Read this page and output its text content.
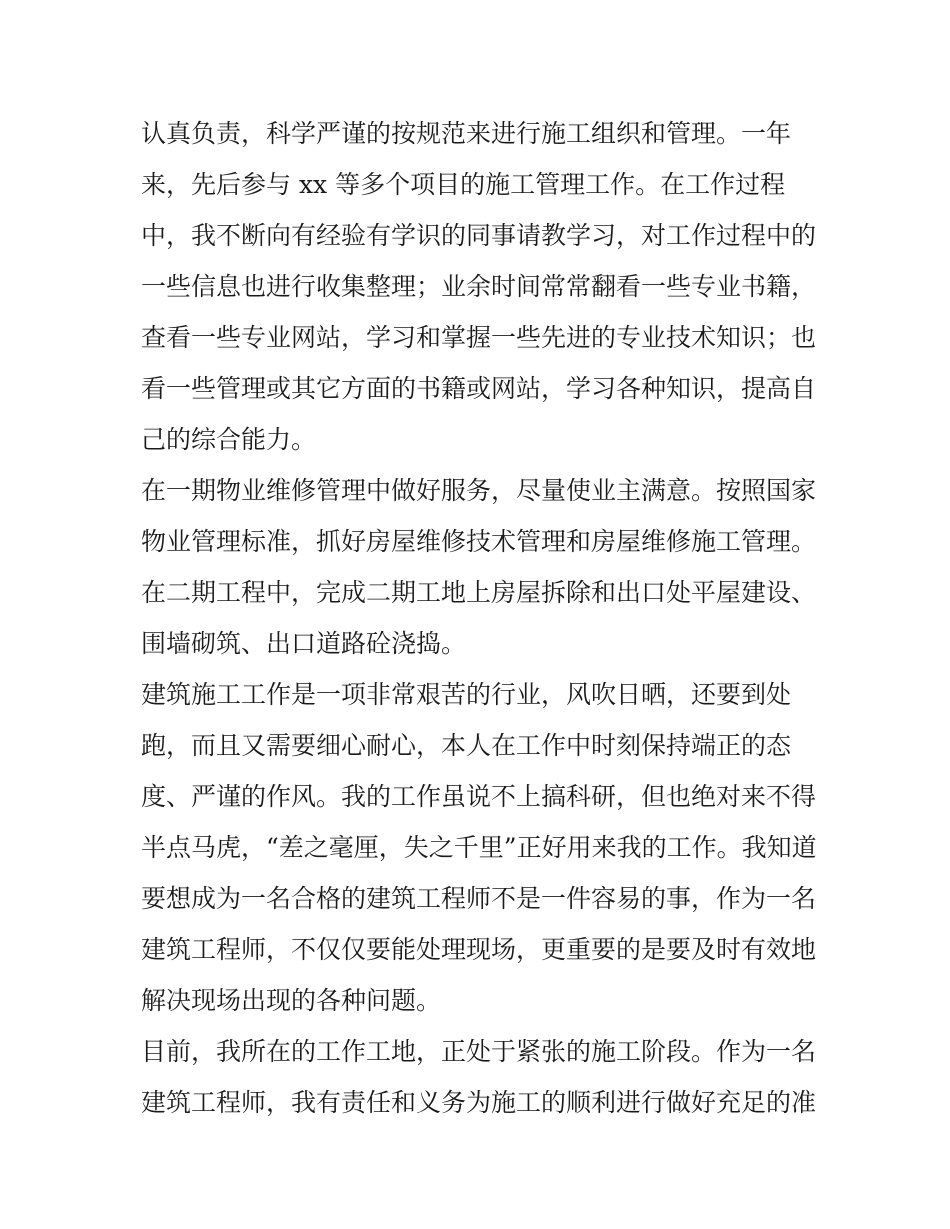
认真负责，科学严谨的按规范来进行施工组织和管理。一年
来，先后参与 xx 等多个项目的施工管理工作。在工作过程
中，我不断向有经验有学识的同事请教学习，对工作过程中的
一些信息也进行收集整理；业余时间常常翻看一些专业书籍，
查看一些专业网站，学习和掌握一些先进的专业技术知识；也
看一些管理或其它方面的书籍或网站，学习各种知识，提高自
己的综合能力。
在一期物业维修管理中做好服务，尽量使业主满意。按照国家
物业管理标准，抓好房屋维修技术管理和房屋维修施工管理。
在二期工程中，完成二期工地上房屋拆除和出口处平屋建设、
围墙砌筑、出口道路砼浇捣。
建筑施工工作是一项非常艰苦的行业，风吹日晒，还要到处
跑，而且又需要细心耐心，本人在工作中时刻保持端正的态
度、严谨的作风。我的工作虽说不上搞科研，但也绝对来不得
半点马虎，“差之毫厘，失之千里”正好用来我的工作。我知道
要想成为一名合格的建筑工程师不是一件容易的事，作为一名
建筑工程师，不仅仅要能处理现场，更重要的是要及时有效地
解决现场出现的各种问题。
目前，我所在的工作工地，正处于紧张的施工阶段。作为一名
建筑工程师，我有责任和义务为施工的顺利进行做好充足的准
